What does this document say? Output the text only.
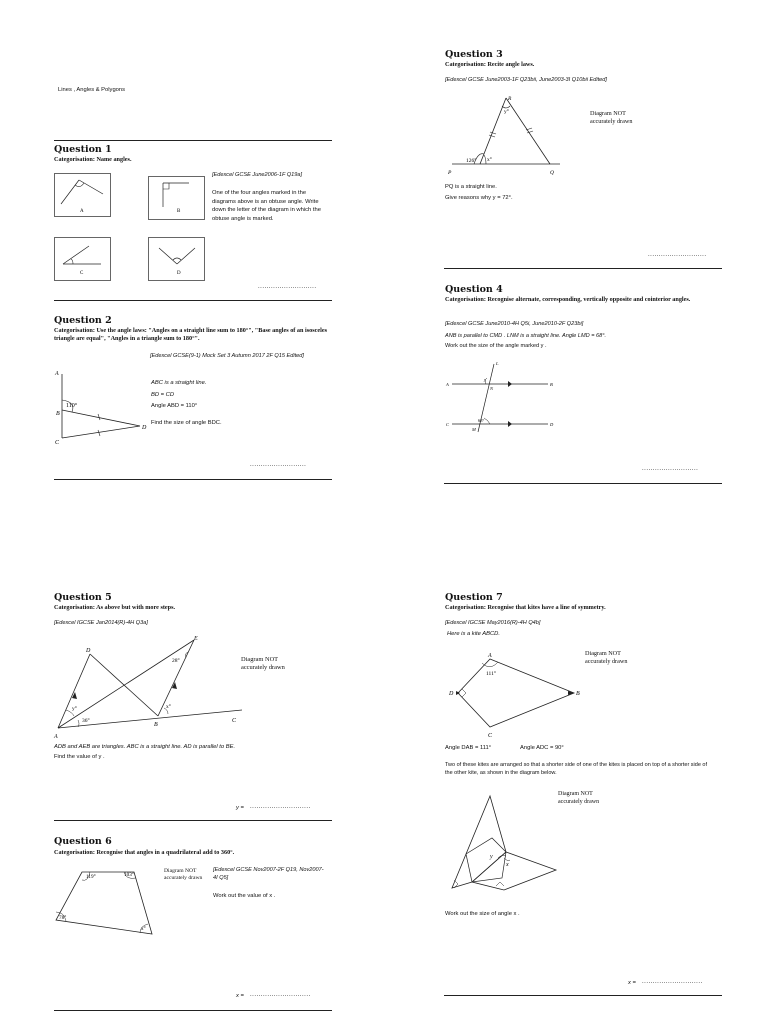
Lines , Angles & Polygons
Question 1
Categorisation: Name angles.
A	B
C	D
[Edexcel GCSE June2006-1F Q19a]
One of the four angles marked in the diagrams above is an obtuse angle. Write down the letter of the diagram in which the obtuse angle is marked.
...........................
Question 2
Categorisation: Use the angle laws: "Angles on a straight line sum to 180°", "Base angles of an isosceles triangle are equal", "Angles in a triangle sum to 180°".
[Edexcel GCSE(9-1) Mock Set 3 Autumn 2017 2F Q15 Edited]
110°
A
B
C
D
ABC is a straight line.
BD = CD
Angle ABD = 110°
Find the size of angle BDC.
..........................
Question 3
Categorisation: Recite angle laws.
[Edexcel GCSE June2003-1F Q23bii, June2003-3I Q10bii Edited]
y°
126° x°
R
P	Q
Diagram NOT
accurately drawn
PQ is a straight line.
Give reasons why y = 72°.
...........................
Question 4
Categorisation: Recognise alternate, corresponding, vertically opposite and cointerior angles.
[Edexcel GCSE June2010-4H Q5i, June2010-2F Q23bi]
ANB is parallel to CMD . LNM is a straight line. Angle LMD = 68°.
Work out the size of the angle marked y .
L
A
N
B
C
M
D
y
68°
..........................
Question 5
Categorisation: As above but with more steps.
[Edexcel IGCSE Jan2014(R)-4H Q3a]
D
E
A
B
C
28°
y°
36°
x°
Diagram NOT
accurately drawn
ADB and AEB are triangles. ABC is a straight line. AD is parallel to BE.
Find the value of y .
y = ............................
Question 6
Categorisation: Recognise that angles in a quadrilateral add to 360°.
119°	103°
78°
x°
Diagram NOT
accurately drawn
[Edexcel GCSE Nov2007-2F Q19, Nov2007-4I Q5]
Work out the value of x .
x = ............................
Question 7
Categorisation: Recognise that kites have a line of symmetry.
[Edexcel IGCSE May2016(R)-4H Q4b]
Here is a kite ABCD.
A
B
C
D
111°
Diagram NOT
accurately drawn
Angle DAB = 111°	Angle ADC = 90°
Two of these kites are arranged so that a shorter side of one of the kites is placed on top of a shorter side of the other kite, as shown in the diagram below.
y
x
Diagram NOT
accurately drawn
Work out the size of angle x .
x = ............................
